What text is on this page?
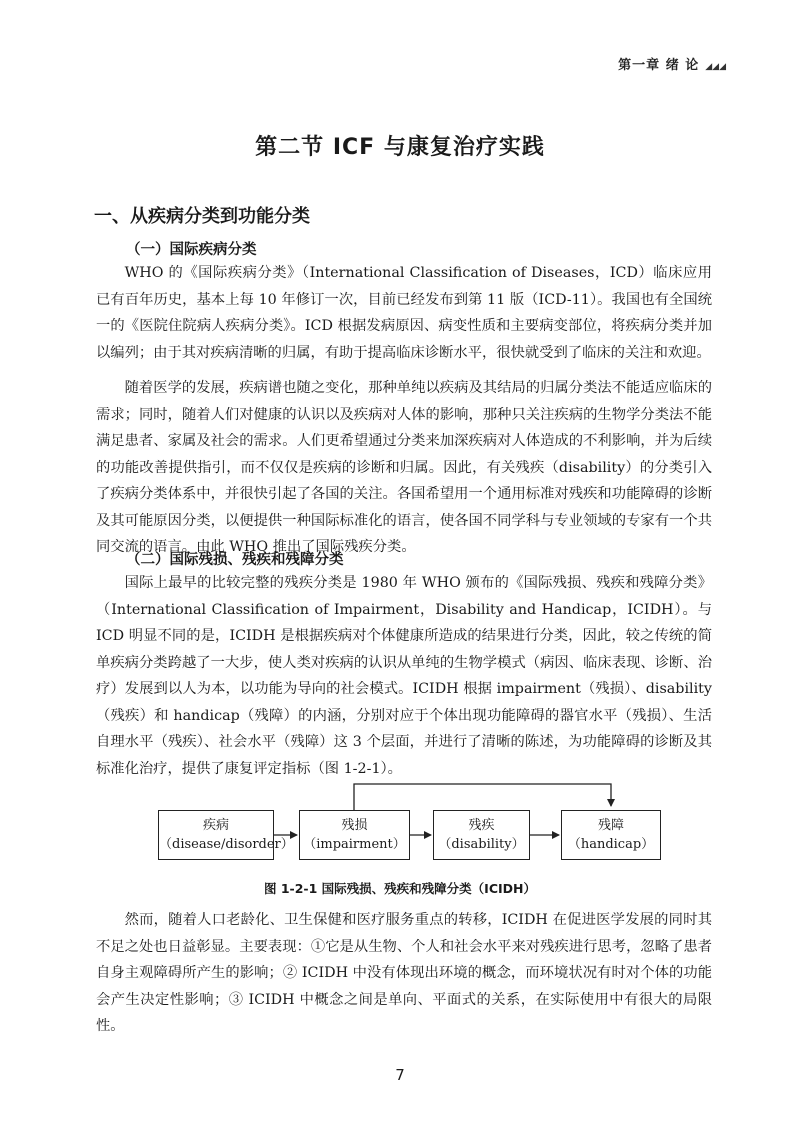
第一章 绪 论 ◢◢◢
第二节 ICF 与康复治疗实践
一、从疾病分类到功能分类
（一）国际疾病分类

WHO 的《国际疾病分类》（International Classification of Diseases，ICD）临床应用已有百年历史，基本上每 10 年修订一次，目前已经发布到第 11 版（ICD-11）。我国也有全国统一的《医院住院病人疾病分类》。ICD 根据发病原因、病变性质和主要病变部位，将疾病分类并加以编列；由于其对疾病清晰的归属，有助于提高临床诊断水平，很快就受到了临床的关注和欢迎。

随着医学的发展，疾病谱也随之变化，那种单纯以疾病及其结局的归属分类法不能适应临床的需求；同时，随着人们对健康的认识以及疾病对人体的影响，那种只关注疾病的生物学分类法不能满足患者、家属及社会的需求。人们更希望通过分类来加深疾病对人体造成的不利影响，并为后续的功能改善提供指引，而不仅仅是疾病的诊断和归属。因此，有关残疾（disability）的分类引入了疾病分类体系中，并很快引起了各国的关注。各国希望用一个通用标准对残疾和功能障碍的诊断及其可能原因分类，以便提供一种国际标准化的语言，使各国不同学科与专业领域的专家有一个共同交流的语言。由此 WHO 推出了国际残疾分类。

（二）国际残损、残疾和残障分类

国际上最早的比较完整的残疾分类是 1980 年 WHO 颁布的《国际残损、残疾和残障分类》（International Classification of Impairment，Disability and Handicap，ICIDH）。与 ICD 明显不同的是，ICIDH 是根据疾病对个体健康所造成的结果进行分类，因此，较之传统的简单疾病分类跨越了一大步，使人类对疾病的认识从单纯的生物学模式（病因、临床表现、诊断、治疗）发展到以人为本，以功能为导向的社会模式。ICIDH 根据 impairment（残损）、disability（残疾）和 handicap（残障）的内涵，分别对应于个体出现功能障碍的器官水平（残损）、生活自理水平（残疾）、社会水平（残障）这 3 个层面，并进行了清晰的陈述，为功能障碍的诊断及其标准化治疗，提供了康复评定指标（图 1-2-1）。

疾病
（disease/disorder）
残损
（impairment）
残疾
（disability）
残障
（handicap）
图 1-2-1 国际残损、残疾和残障分类（ICIDH）

然而，随着人口老龄化、卫生保健和医疗服务重点的转移，ICIDH 在促进医学发展的同时其不足之处也日益彰显。主要表现：①它是从生物、个人和社会水平来对残疾进行思考，忽略了患者自身主观障碍所产生的影响；② ICIDH 中没有体现出环境的概念，而环境状况有时对个体的功能会产生决定性影响；③ ICIDH 中概念之间是单向、平面式的关系，在实际使用中有很大的局限性。

7
